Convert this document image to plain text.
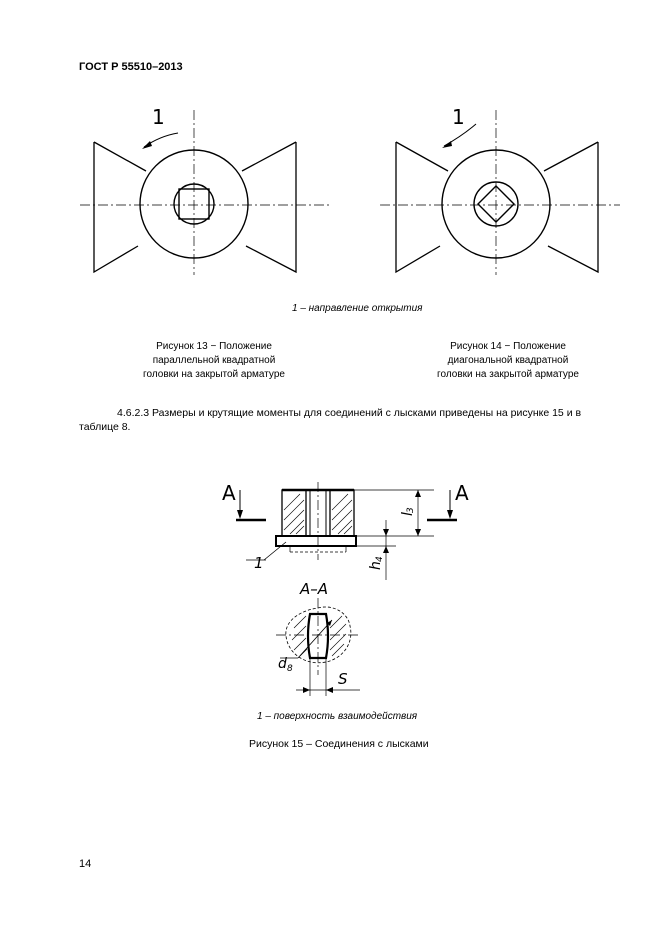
ГОСТ Р 55510–2013
1	1
1 – направление открытия
Рисунок 13 − Положение
параллельной квадратной
головки на закрытой арматуре
Рисунок 14 − Положение
диагональной квадратной
головки на закрытой арматуре
4.6.2.3 Размеры и крутящие моменты для соединений с лысками приведены на рисунке 15 и в
таблице 8.
A	A
l
3
h
4
1
A–A
d 8
S
1 – поверхность взаимодействия
Рисунок 15 – Соединения с лысками
14
